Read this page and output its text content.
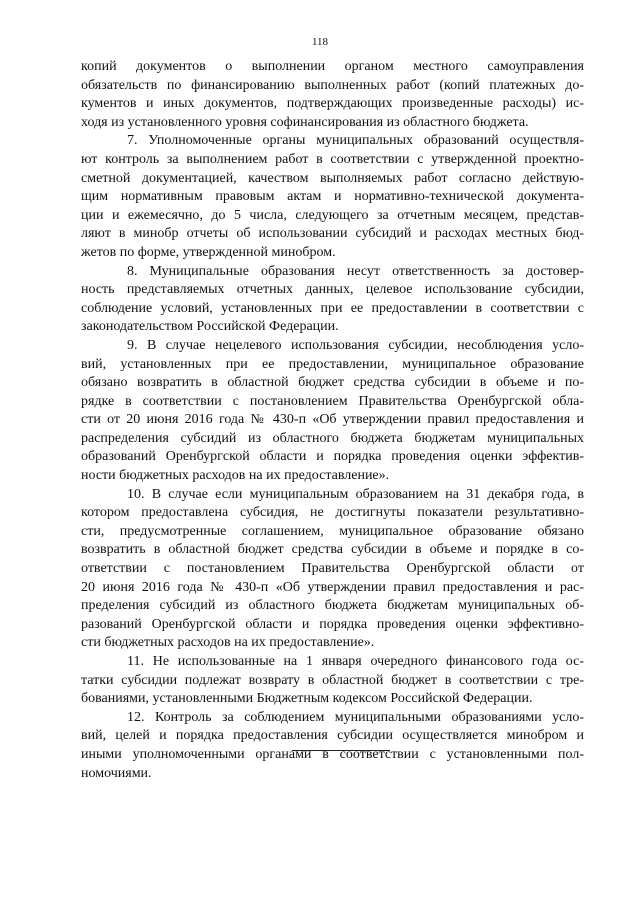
118
копий документов о выполнении органом местного самоуправления
обязательств по финансированию выполненных работ (копий платежных до-
кументов и иных документов, подтверждающих произведенные расходы) ис-
ходя из установленного уровня софинансирования из областного бюджета.
7. Уполномоченные органы муниципальных образований осуществля-
ют контроль за выполнением работ в соответствии с утвержденной проектно-
сметной документацией, качеством выполняемых работ согласно действую-
щим нормативным правовым актам и нормативно-технической документа-
ции и ежемесячно, до 5 числа, следующего за отчетным месяцем, представ-
ляют в минобр отчеты об использовании субсидий и расходах местных бюд-
жетов по форме, утвержденной минобром.
8. Муниципальные образования несут ответственность за достовер-
ность представляемых отчетных данных, целевое использование субсидии,
соблюдение условий, установленных при ее предоставлении в соответствии с
законодательством Российской Федерации.
9. В случае нецелевого использования субсидии, несоблюдения усло-
вий, установленных при ее предоставлении, муниципальное образование
обязано возвратить в областной бюджет средства субсидии в объеме и по-
рядке в соответствии с постановлением Правительства Оренбургской обла-
сти от 20 июня 2016 года № 430-п «Об утверждении правил предоставления и
распределения субсидий из областного бюджета бюджетам муниципальных
образований Оренбургской области и порядка проведения оценки эффектив-
ности бюджетных расходов на их предоставление».
10. В случае если муниципальным образованием на 31 декабря года, в
котором предоставлена субсидия, не достигнуты показатели результативно-
сти, предусмотренные соглашением, муниципальное образование обязано
возвратить в областной бюджет средства субсидии в объеме и порядке в со-
ответствии с постановлением Правительства Оренбургской области от
20 июня 2016 года № 430-п «Об утверждении правил предоставления и рас-
пределения субсидий из областного бюджета бюджетам муниципальных об-
разований Оренбургской области и порядка проведения оценки эффективно-
сти бюджетных расходов на их предоставление».
11. Не использованные на 1 января очередного финансового года ос-
татки субсидии подлежат возврату в областной бюджет в соответствии с тре-
бованиями, установленными Бюджетным кодексом Российской Федерации.
12. Контроль за соблюдением муниципальными образованиями усло-
вий, целей и порядка предоставления субсидии осуществляется минобром и
иными уполномоченными органами в соответствии с установленными пол-
номочиями.
